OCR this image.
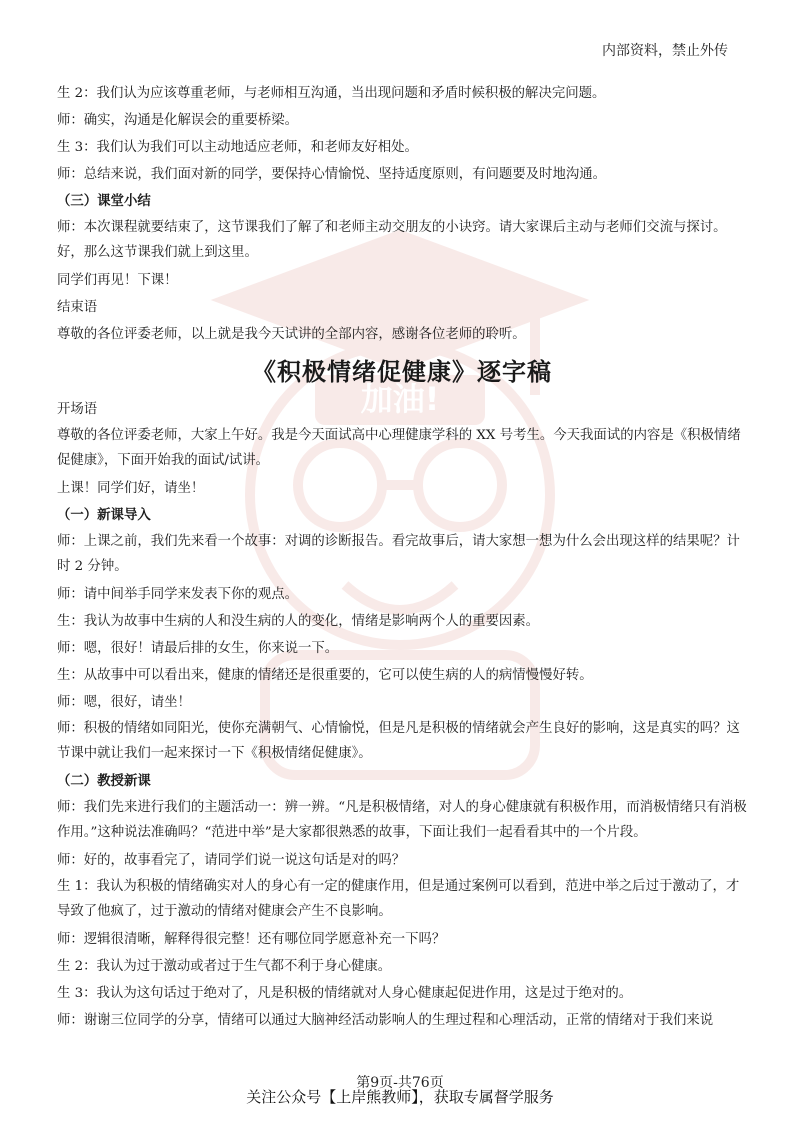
加油!
内部资料，禁止外传
生 2：我们认为应该尊重老师，与老师相互沟通，当出现问题和矛盾时候积极的解决完问题。
师：确实，沟通是化解误会的重要桥梁。
生 3：我们认为我们可以主动地适应老师，和老师友好相处。
师：总结来说，我们面对新的同学，要保持心情愉悦、坚持适度原则，有问题要及时地沟通。
（三）课堂小结
师：本次课程就要结束了，这节课我们了解了和老师主动交朋友的小诀窍。请大家课后主动与老师们交流与探讨。好，那么这节课我们就上到这里。
同学们再见！下课！
结束语
尊敬的各位评委老师，以上就是我今天试讲的全部内容，感谢各位老师的聆听。
《积极情绪促健康》逐字稿
开场语
尊敬的各位评委老师，大家上午好。我是今天面试高中心理健康学科的 XX 号考生。今天我面试的内容是《积极情绪促健康》，下面开始我的面试/试讲。
上课！同学们好，请坐！
（一）新课导入
师：上课之前，我们先来看一个故事：对调的诊断报告。看完故事后，请大家想一想为什么会出现这样的结果呢？计时 2 分钟。
师：请中间举手同学来发表下你的观点。
生：我认为故事中生病的人和没生病的人的变化，情绪是影响两个人的重要因素。
师：嗯，很好！请最后排的女生，你来说一下。
生：从故事中可以看出来，健康的情绪还是很重要的，它可以使生病的人的病情慢慢好转。
师：嗯，很好，请坐！
师：积极的情绪如同阳光，使你充满朝气、心情愉悦，但是凡是积极的情绪就会产生良好的影响，这是真实的吗？这节课中就让我们一起来探讨一下《积极情绪促健康》。
（二）教授新课
师：我们先来进行我们的主题活动一：辨一辨。“凡是积极情绪，对人的身心健康就有积极作用，而消极情绪只有消极作用。”这种说法准确吗？“范进中举”是大家都很熟悉的故事，下面让我们一起看看其中的一个片段。
师：好的，故事看完了，请同学们说一说这句话是对的吗？
生 1：我认为积极的情绪确实对人的身心有一定的健康作用，但是通过案例可以看到，范进中举之后过于激动了，才导致了他疯了，过于激动的情绪对健康会产生不良影响。
师：逻辑很清晰，解释得很完整！还有哪位同学愿意补充一下吗？
生 2：我认为过于激动或者过于生气都不利于身心健康。
生 3：我认为这句话过于绝对了，凡是积极的情绪就对人身心健康起促进作用，这是过于绝对的。
师：谢谢三位同学的分享，情绪可以通过大脑神经活动影响人的生理过程和心理活动，正常的情绪对于我们来说
第9页-共76页
关注公众号【上岸熊教师】，获取专属督学服务
